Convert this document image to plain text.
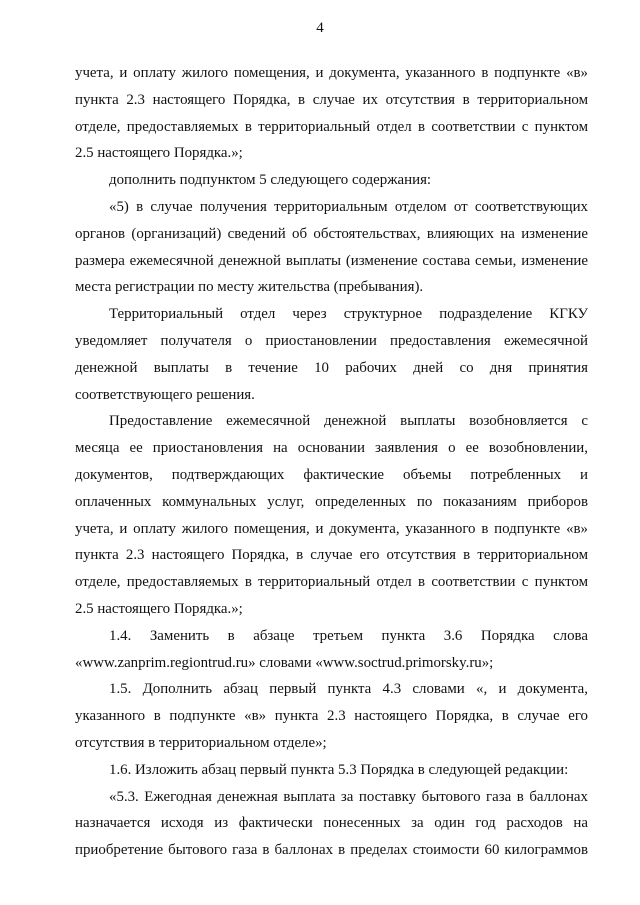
4
учета, и оплату жилого помещения, и документа, указанного в подпункте «в»
пункта 2.3 настоящего Порядка, в случае их отсутствия в территориальном
отделе, предоставляемых в территориальный отдел в соответствии с пунктом
2.5 настоящего Порядка.»;
дополнить подпунктом 5 следующего содержания:
«5) в случае получения территориальным отделом от соответствующих
органов (организаций) сведений об обстоятельствах, влияющих на изменение
размера ежемесячной денежной выплаты (изменение состава семьи, изменение
места регистрации по месту жительства (пребывания).
Территориальный отдел через структурное подразделение КГКУ
уведомляет получателя о приостановлении предоставления ежемесячной
денежной выплаты в течение 10 рабочих дней со дня принятия
соответствующего решения.
Предоставление ежемесячной денежной выплаты возобновляется с
месяца ее приостановления на основании заявления о ее возобновлении,
документов, подтверждающих фактические объемы потребленных и
оплаченных коммунальных услуг, определенных по показаниям приборов
учета, и оплату жилого помещения, и документа, указанного в подпункте «в»
пункта 2.3 настоящего Порядка, в случае его отсутствия в территориальном
отделе, предоставляемых в территориальный отдел в соответствии с пунктом
2.5 настоящего Порядка.»;
1.4. Заменить в абзаце третьем пункта 3.6 Порядка слова
«www.zanprim.regiontrud.ru» словами «www.soctrud.primorsky.ru»;
1.5. Дополнить абзац первый пункта 4.3 словами «, и документа,
указанного в подпункте «в» пункта 2.3 настоящего Порядка, в случае его
отсутствия в территориальном отделе»;
1.6. Изложить абзац первый пункта 5.3 Порядка в следующей редакции:
«5.3. Ежегодная денежная выплата за поставку бытового газа в баллонах
назначается исходя из фактически понесенных за один год расходов на
приобретение бытового газа в баллонах в пределах стоимости 60 килограммов
